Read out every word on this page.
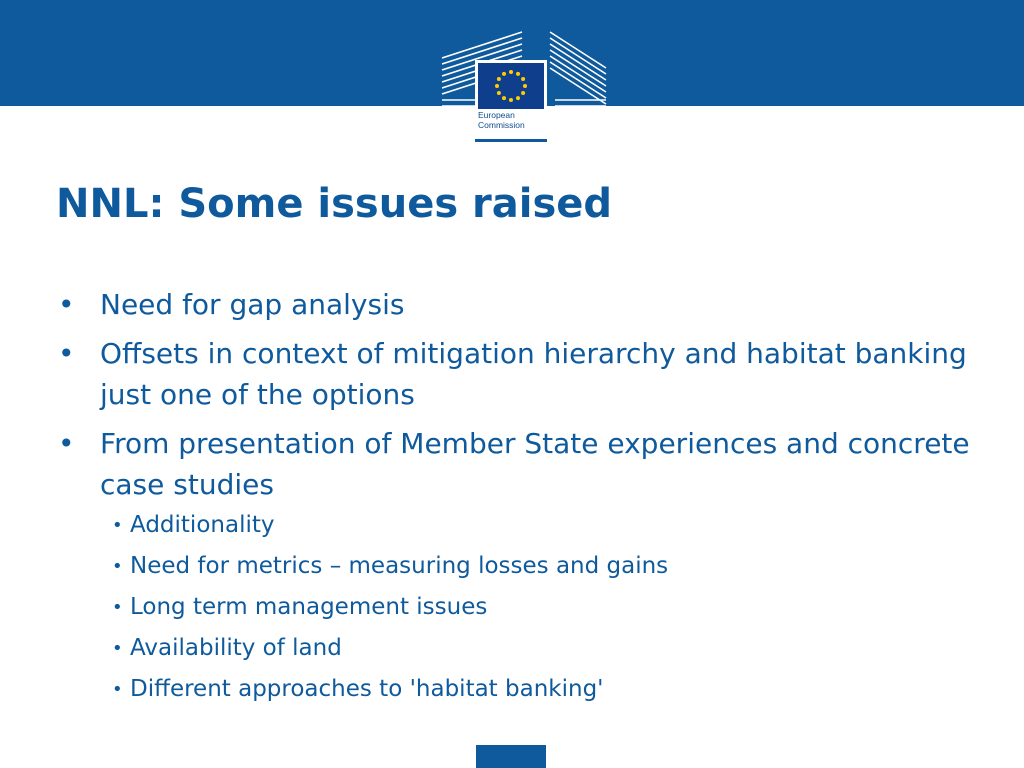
European
Commission
NNL: Some issues raised
• Need for gap analysis
• Offsets in context of mitigation hierarchy and habitat banking just one of the options
• From presentation of Member State experiences and concrete case studies
• Additionality
• Need for metrics – measuring losses and gains
• Long term management issues
• Availability of land
• Different approaches to 'habitat banking'
